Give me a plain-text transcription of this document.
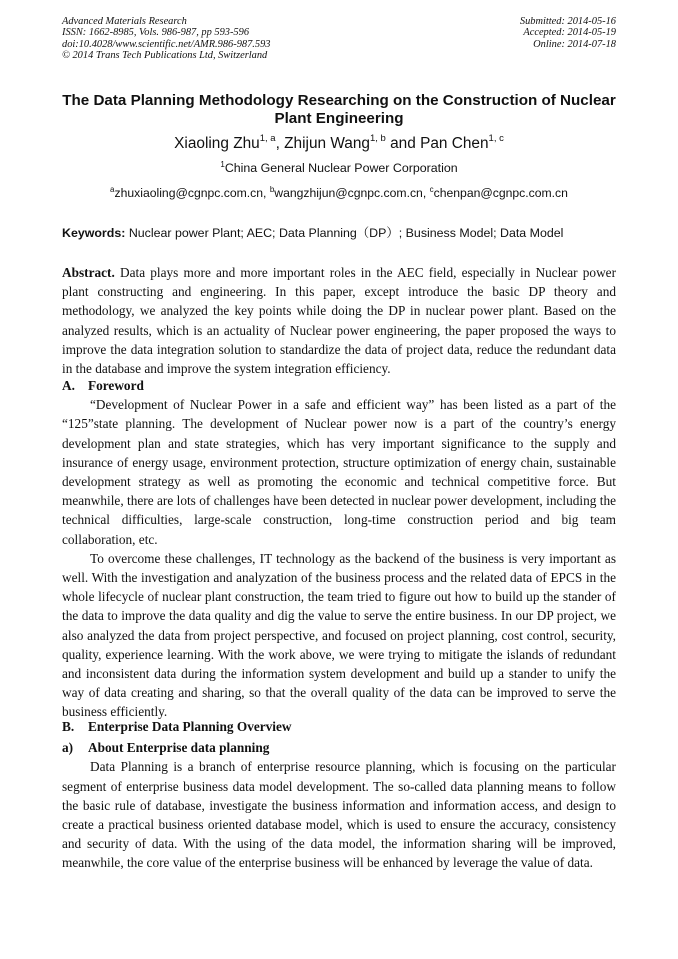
Advanced Materials Research
ISSN: 1662-8985, Vols. 986-987, pp 593-596
doi:10.4028/www.scientific.net/AMR.986-987.593
© 2014 Trans Tech Publications Ltd, Switzerland
Submitted: 2014-05-16
Accepted: 2014-05-19
Online: 2014-07-18
The Data Planning Methodology Researching on the Construction of Nuclear Plant Engineering
Xiaoling Zhu$^{1, a}$, Zhijun Wang$^{1, b}$ and Pan Chen$^{1, c}$
$^1$China General Nuclear Power Corporation
$^a$zhuxiaoling@cgnpc.com.cn, $^b$wangzhijun@cgnpc.com.cn, $^c$chenpan@cgnpc.com.cn
Keywords: Nuclear power Plant; AEC; Data Planning（DP）; Business Model; Data Model

Abstract. Data plays more and more important roles in the AEC field, especially in Nuclear power plant constructing and engineering. In this paper, except introduce the basic DP theory and methodology, we analyzed the key points while doing the DP in nuclear power plant. Based on the analyzed results, which is an actuality of Nuclear power engineering, the paper proposed the ways to improve the data integration solution to standardize the data of project data, reduce the redundant data in the database and improve the system integration efficiency.

A. Foreword

“Development of Nuclear Power in a safe and efficient way” has been listed as a part of the “125”state planning. The development of Nuclear power now is a part of the country’s energy development plan and state strategies, which has very important significance to the supply and insurance of energy usage, environment protection, structure optimization of energy chain, sustainable development strategy as well as promoting the economic and technical competitive force. But meanwhile, there are lots of challenges have been detected in nuclear power development, including the technical difficulties, large-scale construction, long-time construction period and big team collaboration, etc.

To overcome these challenges, IT technology as the backend of the business is very important as well. With the investigation and analyzation of the business process and the related data of EPCS in the whole lifecycle of nuclear plant construction, the team tried to figure out how to build up the stander of the data to improve the data quality and dig the value to serve the entire business. In our DP project, we also analyzed the data from project perspective, and focused on project planning, cost control, security, quality, experience learning. With the work above, we were trying to mitigate the islands of redundant and inconsistent data during the information system development and build up a stander to unify the way of data creating and sharing, so that the overall quality of the data can be improved to serve the business efficiently.

B. Enterprise Data Planning Overview
a) About Enterprise data planning

Data Planning is a branch of enterprise resource planning, which is focusing on the particular segment of enterprise business data model development. The so-called data planning means to follow the basic rule of database, investigate the business information and information access, and design to create a practical business oriented database model, which is used to ensure the accuracy, consistency and security of data. With the using of the data model, the information sharing will be improved, meanwhile, the core value of the enterprise business will be enhanced by leverage the value of data.
